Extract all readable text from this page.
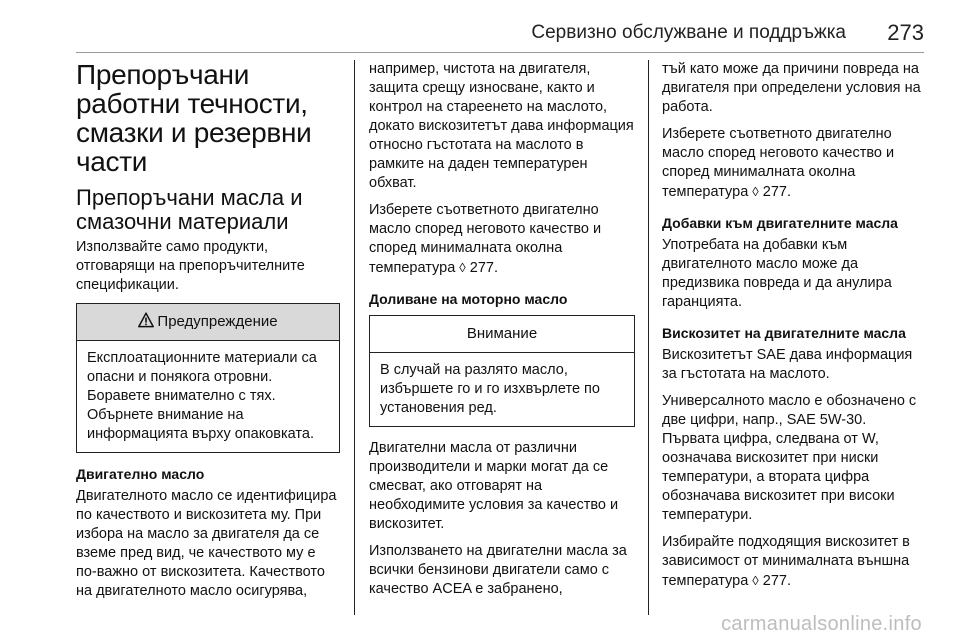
Сервизно обслужване и поддръжка 273
Препоръчани работни течности, смазки и резервни части
Препоръчани масла и смазочни материали

Използвайте само продукти, отговарящи на препоръчителните спецификации.

Предупреждение
Експлоатационните материали са опасни и понякога отровни. Боравете внимателно с тях. Обърнете внимание на информацията върху опаковката.
Двигателно масло

Двигателното масло се идентифицира по качеството и вискозитета му. При избора на масло за двигателя да се вземе пред вид, че качеството му е по-важно от вискозитета. Качеството на двигателното масло осигурява,

например, чистота на двигателя, защита срещу износване, както и контрол на стареенето на маслото, докато вискозитетът дава информация относно гъстотата на маслото в рамките на даден температурен обхват.

Изберете съответното двигателно масло според неговото качество и според минималната околна температура ◊ 277.

Доливане на моторно масло
Внимание
В случай на разлято масло, избършете го и го изхвърлете по установения ред.

Двигателни масла от различни производители и марки могат да се смесват, ако отговарят на необходимите условия за качество и вискозитет.

Използването на двигателни масла за всички бензинови двигатели само с качество ACEA е забранено,

тъй като може да причини повреда на двигателя при определени условия на работа.

Изберете съответното двигателно масло според неговото качество и според минималната околна температура ◊ 277.

Добавки към двигателните масла

Употребата на добавки към двигателното масло може да предизвика повреда и да анулира гаранцията.

Вискозитет на двигателните масла

Вискозитетът SAE дава информация за гъстотата на маслото.

Универсалното масло е обозначено с две цифри, напр., SAE 5W-30. Първата цифра, следвана от W, оозначава вискозитет при ниски температури, а втората цифра обозначава вискозитет при високи температури.

Избирайте подходящия вискозитет в зависимост от минималната външна температура ◊ 277.

carmanualsonline.info
